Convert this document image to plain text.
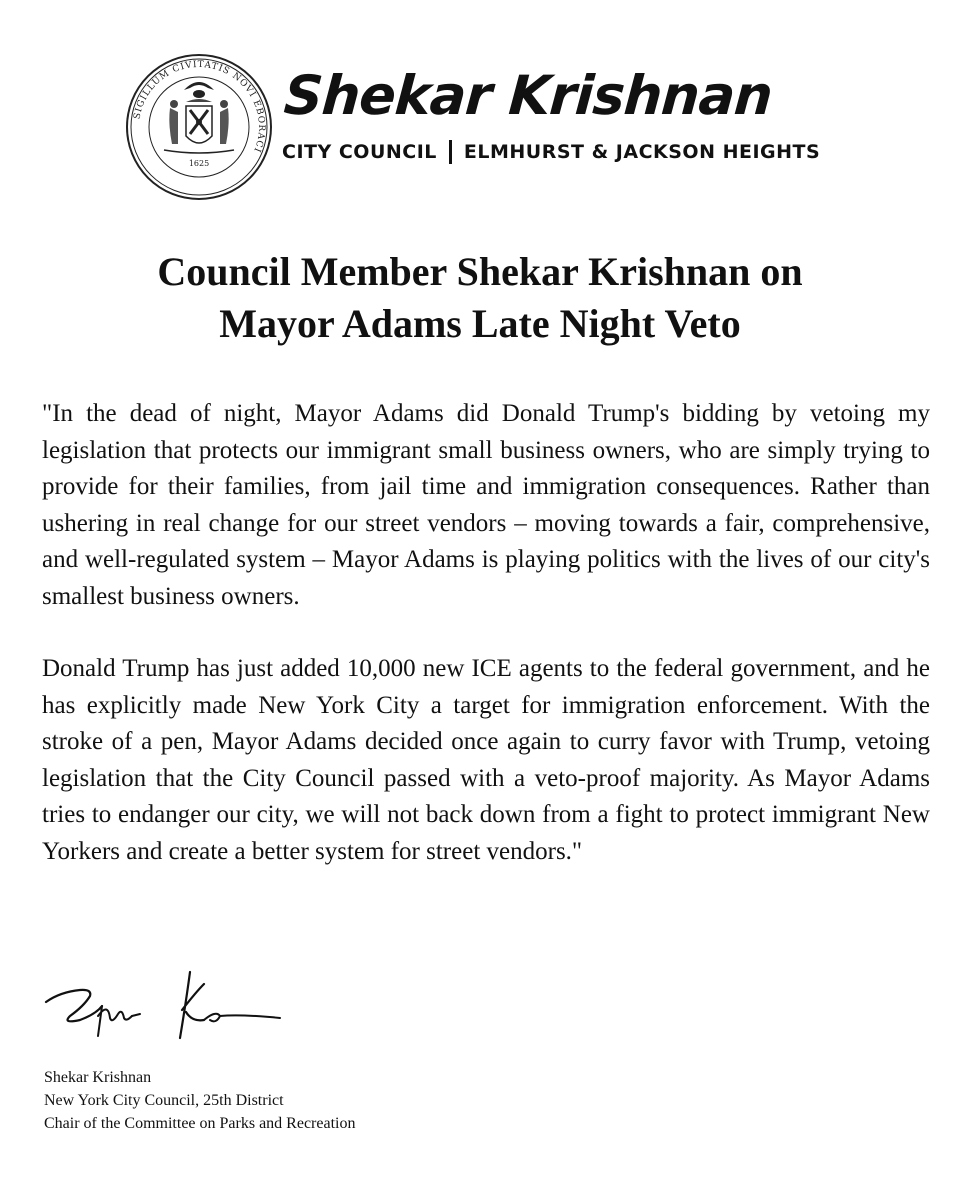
SIGILLUM CIVITATIS NOVI EBORACI
1625
Shekar Krishnan
CITY COUNCIL ELMHURST & JACKSON HEIGHTS
Council Member Shekar Krishnan on
Mayor Adams Late Night Veto

"In the dead of night, Mayor Adams did Donald Trump's bidding by vetoing my legislation that protects our immigrant small business owners, who are simply trying to provide for their families, from jail time and immigration consequences. Rather than ushering in real change for our street vendors – moving towards a fair, comprehensive, and well-regulated system – Mayor Adams is playing politics with the lives of our city's smallest business owners.

Donald Trump has just added 10,000 new ICE agents to the federal government, and he has explicitly made New York City a target for immigration enforcement. With the stroke of a pen, Mayor Adams decided once again to curry favor with Trump, vetoing legislation that the City Council passed with a veto-proof majority. As Mayor Adams tries to endanger our city, we will not back down from a fight to protect immigrant New Yorkers and create a better system for street vendors."

Shekar Krishnan
New York City Council, 25th District
Chair of the Committee on Parks and Recreation
